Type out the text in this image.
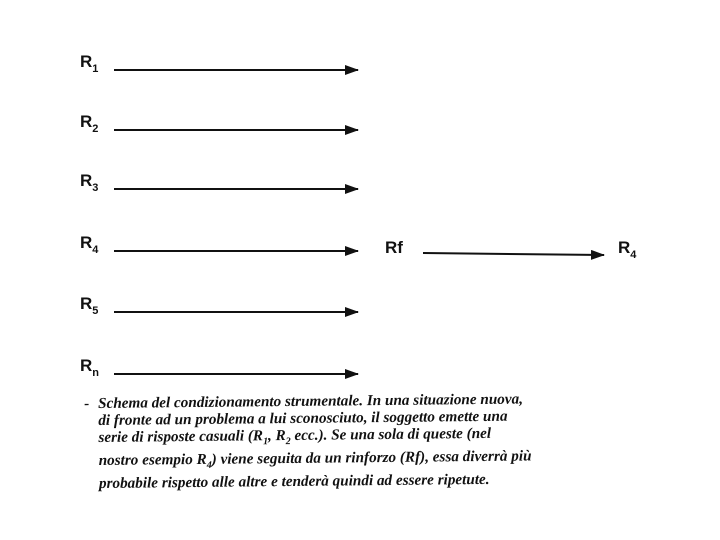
$R_1$
$R_2$
$R_3$
$R_4$
$R_5$
$R_n$
Rf	$R_4$
- Schema del condizionamento strumentale. In una situazione nuova,
di fronte ad un problema a lui sconosciuto, il soggetto emette una
serie di risposte casuali ($R_1$, $R_2$ ecc.). Se una sola di queste (nel
nostro esempio $R_4$) viene seguita da un rinforzo (Rf), essa diverrà più
probabile rispetto alle altre e tenderà quindi ad essere ripetute.
